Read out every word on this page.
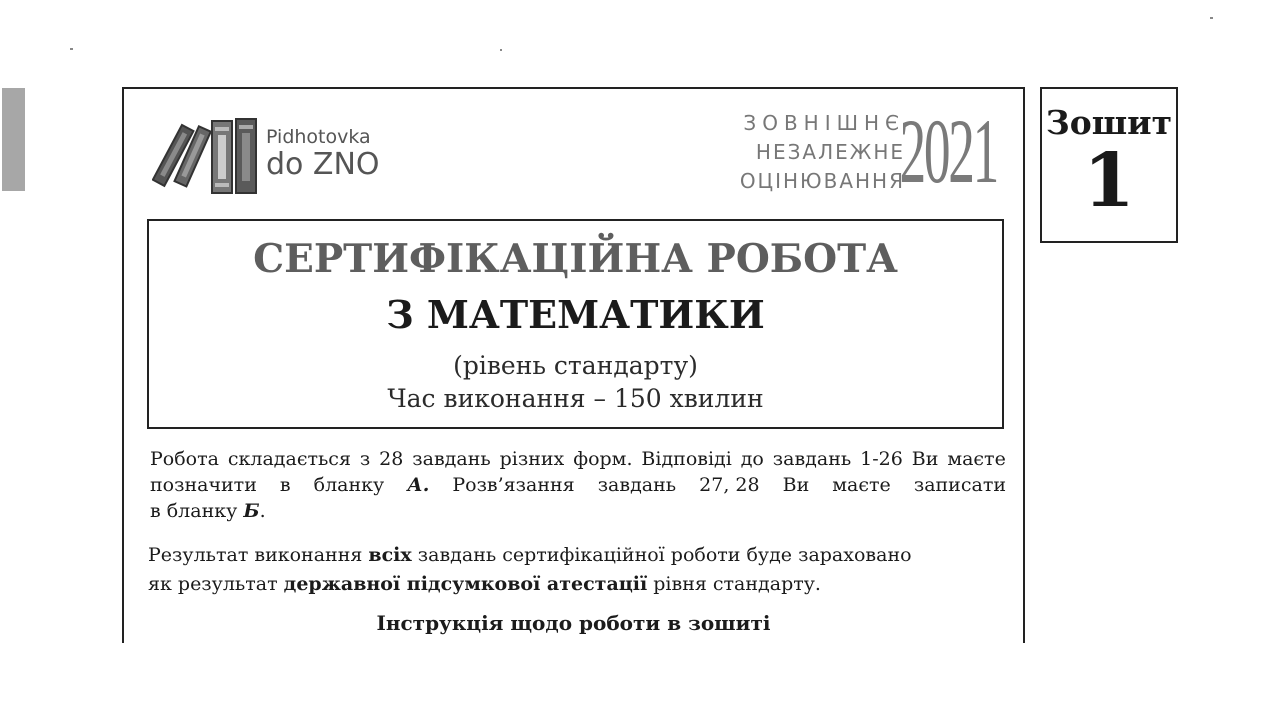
Pidhotovka
do ZNO
ЗОВНІШНЄ
НЕЗАЛЕЖНЕ
ОЦІНЮВАННЯ
2021
СЕРТИФІКАЦІЙНА РОБОТА
З МАТЕМАТИКИ
(рівень стандарту)
Час виконання – 150 хвилин
Робота складається з 28 завдань різних форм. Відповіді до завдань 1-26 Ви маєте
позначити в бланку А. Розв’язання завдань 27, 28 Ви маєте записати
в бланку Б.
Результат виконання всіх завдань сертифікаційної роботи буде зараховано
як результат державної підсумкової атестації рівня стандарту.
Інструкція щодо роботи в зошиті
Зошит
1
